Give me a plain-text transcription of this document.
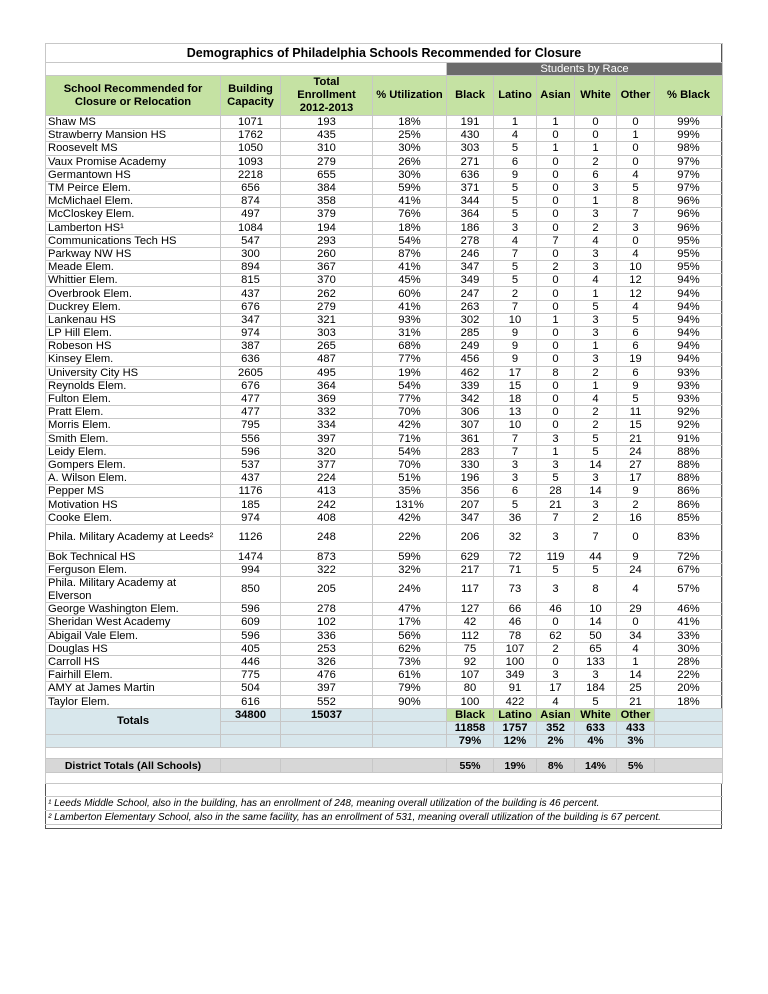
Demographics of Philadelphia Schools Recommended for Closure									
				Students by Race					
School Recommended for Closure or Relocation	Building Capacity	Total Enrollment 2012-2013	% Utilization	Black	Latino	Asian	White	Other	% Black
Shaw MS	1071	193	18%	191	1	1	0	0	99%
Strawberry Mansion HS	1762	435	25%	430	4	0	0	1	99%
Roosevelt MS	1050	310	30%	303	5	1	1	0	98%
Vaux Promise Academy	1093	279	26%	271	6	0	2	0	97%
Germantown HS	2218	655	30%	636	9	0	6	4	97%
TM Peirce Elem.	656	384	59%	371	5	0	3	5	97%
McMichael Elem.	874	358	41%	344	5	0	1	8	96%
McCloskey Elem.	497	379	76%	364	5	0	3	7	96%
Lamberton HS¹	1084	194	18%	186	3	0	2	3	96%
Communications Tech HS	547	293	54%	278	4	7	4	0	95%
Parkway NW HS	300	260	87%	246	7	0	3	4	95%
Meade Elem.	894	367	41%	347	5	2	3	10	95%
Whittier Elem.	815	370	45%	349	5	0	4	12	94%
Overbrook Elem.	437	262	60%	247	2	0	1	12	94%
Duckrey Elem.	676	279	41%	263	7	0	5	4	94%
Lankenau HS	347	321	93%	302	10	1	3	5	94%
LP Hill Elem.	974	303	31%	285	9	0	3	6	94%
Robeson HS	387	265	68%	249	9	0	1	6	94%
Kinsey Elem.	636	487	77%	456	9	0	3	19	94%
University City HS	2605	495	19%	462	17	8	2	6	93%
Reynolds Elem.	676	364	54%	339	15	0	1	9	93%
Fulton Elem.	477	369	77%	342	18	0	4	5	93%
Pratt Elem.	477	332	70%	306	13	0	2	11	92%
Morris Elem.	795	334	42%	307	10	0	2	15	92%
Smith Elem.	556	397	71%	361	7	3	5	21	91%
Leidy Elem.	596	320	54%	283	7	1	5	24	88%
Gompers Elem.	537	377	70%	330	3	3	14	27	88%
A. Wilson Elem.	437	224	51%	196	3	5	3	17	88%
Pepper MS	1176	413	35%	356	6	28	14	9	86%
Motivation HS	185	242	131%	207	5	21	3	2	86%
Cooke Elem.	974	408	42%	347	36	7	2	16	85%
Phila. Military Academy at Leeds²	1126	248	22%	206	32	3	7	0	83%
Bok Technical HS	1474	873	59%	629	72	119	44	9	72%
Ferguson Elem.	994	322	32%	217	71	5	5	24	67%
Phila. Military Academy at Elverson	850	205	24%	117	73	3	8	4	57%
George Washington Elem.	596	278	47%	127	66	46	10	29	46%
Sheridan West Academy	609	102	17%	42	46	0	14	0	41%
Abigail Vale Elem.	596	336	56%	112	78	62	50	34	33%
Douglas HS	405	253	62%	75	107	2	65	4	30%
Carroll HS	446	326	73%	92	100	0	133	1	28%
Fairhill Elem.	775	476	61%	107	349	3	3	14	22%
AMY at James Martin	504	397	79%	80	91	17	184	25	20%
Taylor Elem.	616	552	90%	100	422	4	5	21	18%
Totals	34800	15037		Black	Latino	Asian	White	Other	
				11858	1757	352	633	433	
				79%	12%	2%	4%	3%	

District Totals (All Schools)				55%	19%	8%	14%	5%	

¹ Leeds Middle School, also in the building, has an enrollment of 248, meaning overall utilization of the building is 46 percent.									
² Lamberton Elementary School, also in the same facility, has an enrollment of 531, meaning overall utilization of the building is 67 percent.									
